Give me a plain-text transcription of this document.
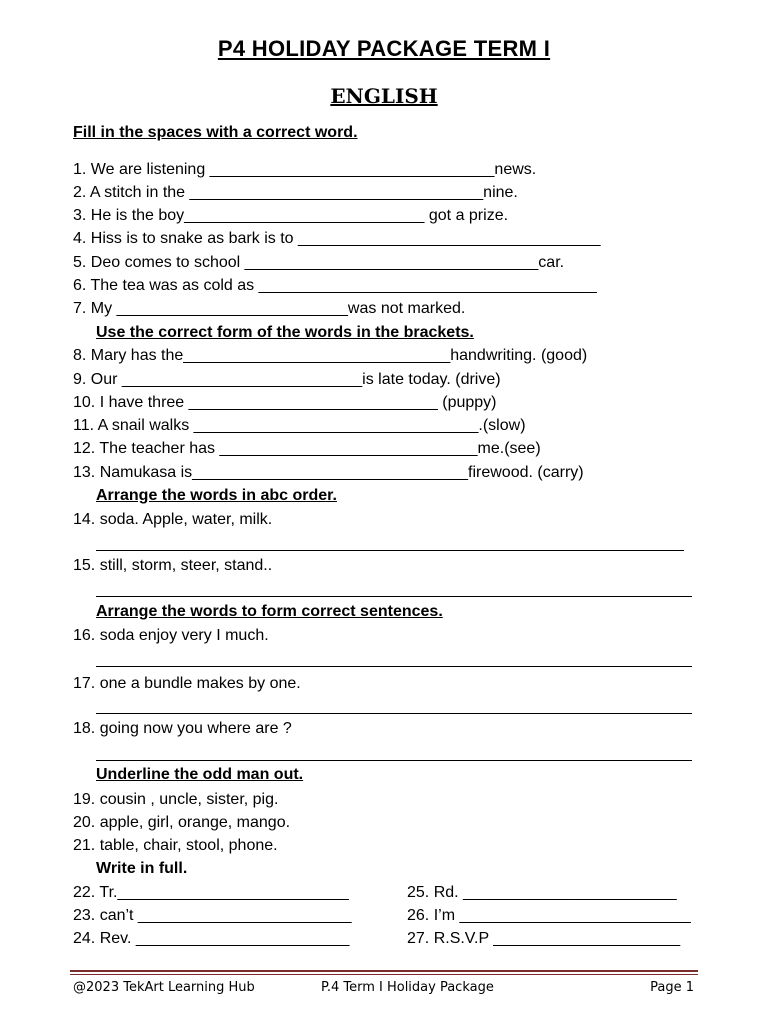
P4 HOLIDAY PACKAGE TERM I
ENGLISH
Fill in the spaces with a correct word.
1. We are listening ________________________________news.
2. A stitch in the _________________________________nine.
3. He is the boy___________________________ got a prize.
4. Hiss is to snake as bark is to __________________________________
5. Deo comes to school _________________________________car.
6. The tea was as cold as ______________________________________
7. My __________________________was not marked.
Use the correct form of the words in the brackets.
8. Mary has the______________________________handwriting. (good)
9. Our ___________________________is late today. (drive)
10. I have three ____________________________ (puppy)
11. A snail walks ________________________________.(slow)
12. The teacher has _____________________________me.(see)
13. Namukasa is_______________________________firewood. (carry)
Arrange the words in abc order.
14. soda. Apple, water, milk.
15. still, storm, steer, stand..
Arrange the words to form correct sentences.
16. soda enjoy very I much.
17. one a bundle makes by one.
18. going now you where are ?
Underline the odd man out.
19. cousin , uncle, sister, pig.
20. apple, girl, orange, mango.
21. table, chair, stool, phone.
Write in full.
22. Tr.__________________________
23. can’t ________________________
24. Rev. ________________________
25. Rd. ________________________
26. I’m __________________________
27. R.S.V.P _____________________
@2023 TekArt Learning Hub	P.4 Term I Holiday Package	Page 1
